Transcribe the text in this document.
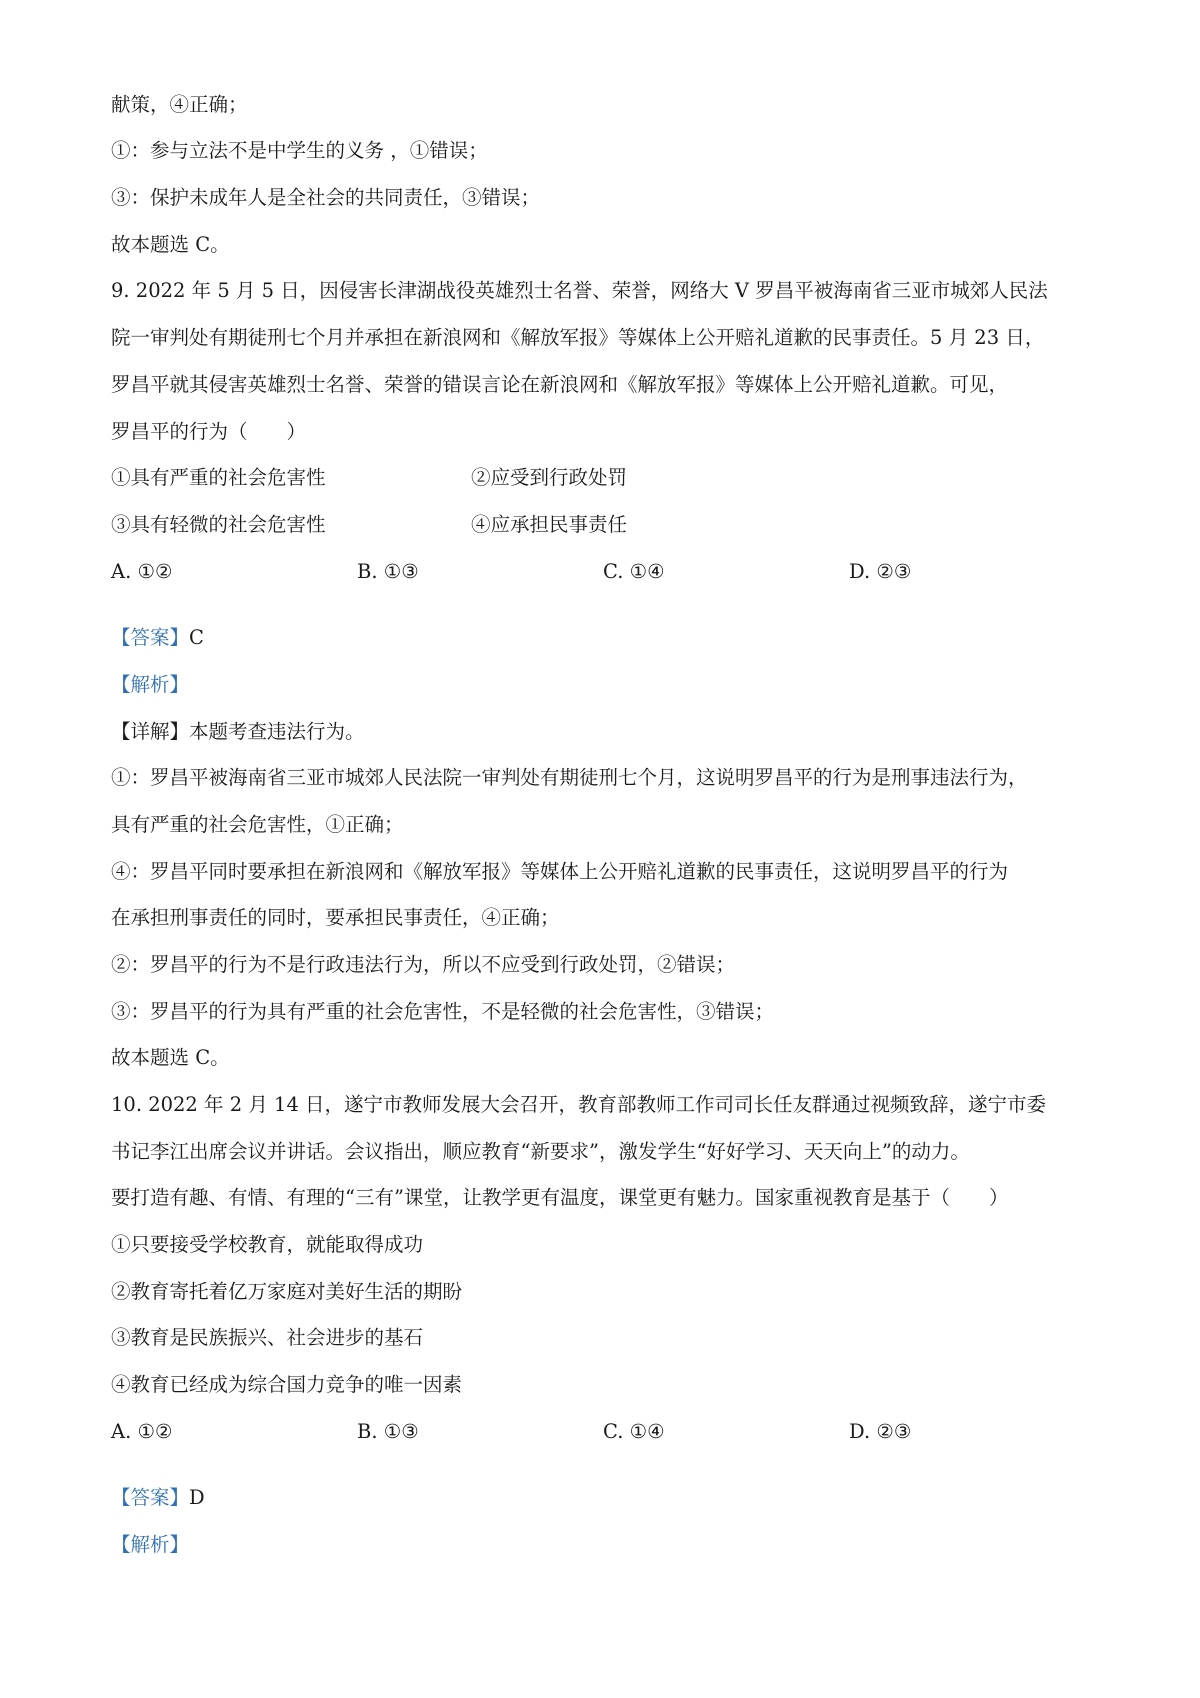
献策，④正确；

①：参与立法不是中学生的义务 ，①错误；

③：保护未成年人是全社会的共同责任，③错误；

故本题选 C。

9. 2022 年 5 月 5 日，因侵害长津湖战役英雄烈士名誉、荣誉，网络大 V 罗昌平被海南省三亚市城郊人民法

院一审判处有期徒刑七个月并承担在新浪网和《解放军报》等媒体上公开赔礼道歉的民事责任。5 月 23 日，

罗昌平就其侵害英雄烈士名誉、荣誉的错误言论在新浪网和《解放军报》等媒体上公开赔礼道歉。可见，

罗昌平的行为（　　）

①具有严重的社会危害性	②应受到行政处罚

③具有轻微的社会危害性	④应承担民事责任

A. ①②	B. ①③	C. ①④	D. ②③

【答案】C

【解析】

【详解】本题考查违法行为。

①：罗昌平被海南省三亚市城郊人民法院一审判处有期徒刑七个月，这说明罗昌平的行为是刑事违法行为，

具有严重的社会危害性，①正确；

④：罗昌平同时要承担在新浪网和《解放军报》等媒体上公开赔礼道歉的民事责任，这说明罗昌平的行为

在承担刑事责任的同时，要承担民事责任，④正确；

②：罗昌平的行为不是行政违法行为，所以不应受到行政处罚，②错误；

③：罗昌平的行为具有严重的社会危害性，不是轻微的社会危害性，③错误；

故本题选 C。

10. 2022 年 2 月 14 日，遂宁市教师发展大会召开，教育部教师工作司司长任友群通过视频致辞，遂宁市委

书记李江出席会议并讲话。会议指出，顺应教育“新要求”，激发学生“好好学习、天天向上”的动力。

要打造有趣、有情、有理的“三有”课堂，让教学更有温度，课堂更有魅力。国家重视教育是基于（　　）

①只要接受学校教育，就能取得成功

②教育寄托着亿万家庭对美好生活的期盼

③教育是民族振兴、社会进步的基石

④教育已经成为综合国力竞争的唯一因素

A. ①②	B. ①③	C. ①④	D. ②③

【答案】D

【解析】
